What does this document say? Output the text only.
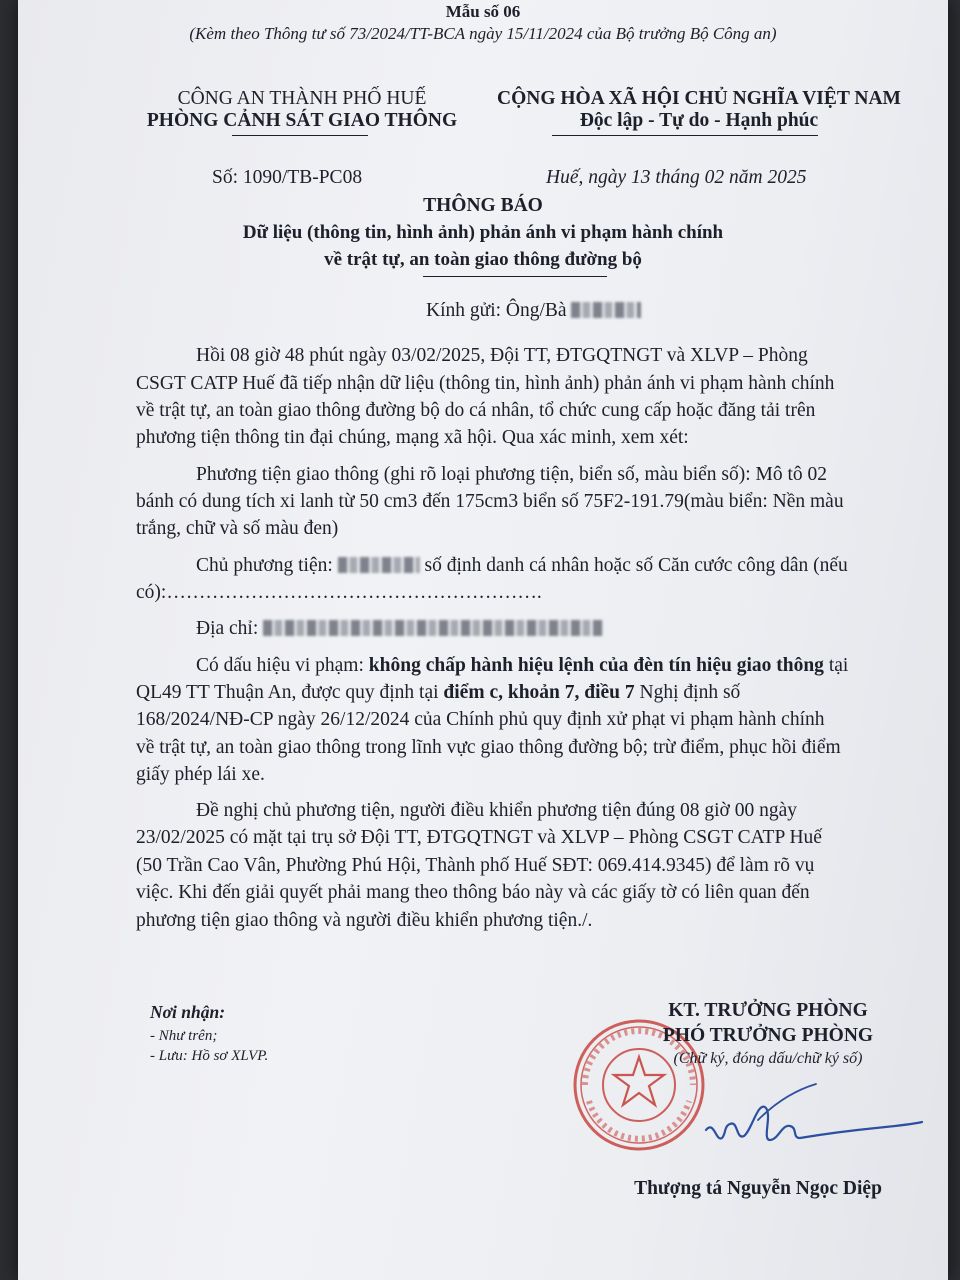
Mẫu số 06
(Kèm theo Thông tư số 73/2024/TT-BCA ngày 15/11/2024 của Bộ trưởng Bộ Công an)
CÔNG AN THÀNH PHỐ HUẾ
PHÒNG CẢNH SÁT GIAO THÔNG
CỘNG HÒA XÃ HỘI CHỦ NGHĨA VIỆT NAM
Độc lập - Tự do - Hạnh phúc
Số: 1090/TB-PC08	Huế, ngày 13 tháng 02 năm 2025
THÔNG BÁO
Dữ liệu (thông tin, hình ảnh) phản ánh vi phạm hành chính
về trật tự, an toàn giao thông đường bộ
Kính gửi: Ông/Bà
Hồi 08 giờ 48 phút ngày 03/02/2025, Đội TT, ĐTGQTNGT và XLVP – Phòng
CSGT CATP Huế đã tiếp nhận dữ liệu (thông tin, hình ảnh) phản ánh vi phạm hành chính
về trật tự, an toàn giao thông đường bộ do cá nhân, tổ chức cung cấp hoặc đăng tải trên
phương tiện thông tin đại chúng, mạng xã hội. Qua xác minh, xem xét:
Phương tiện giao thông (ghi rõ loại phương tiện, biển số, màu biển số): Mô tô 02
bánh có dung tích xi lanh từ 50 cm3 đến 175cm3 biển số 75F2-191.79(màu biển: Nền màu
trắng, chữ và số màu đen)
Chủ phương tiện:	số định danh cá nhân hoặc số Căn cước công dân (nếu
có):………………………………………………….
Địa chỉ:
Có dấu hiệu vi phạm: không chấp hành hiệu lệnh của đèn tín hiệu giao thông tại
QL49 TT Thuận An, được quy định tại điểm c, khoản 7, điều 7 Nghị định số
168/2024/NĐ-CP ngày 26/12/2024 của Chính phủ quy định xử phạt vi phạm hành chính
về trật tự, an toàn giao thông trong lĩnh vực giao thông đường bộ; trừ điểm, phục hồi điểm
giấy phép lái xe.
Đề nghị chủ phương tiện, người điều khiển phương tiện đúng 08 giờ 00 ngày
23/02/2025 có mặt tại trụ sở Đội TT, ĐTGQTNGT và XLVP – Phòng CSGT CATP Huế
(50 Trần Cao Vân, Phường Phú Hội, Thành phố Huế SĐT: 069.414.9345) để làm rõ vụ
việc. Khi đến giải quyết phải mang theo thông báo này và các giấy tờ có liên quan đến
phương tiện giao thông và người điều khiển phương tiện./.
Nơi nhận:
- Như trên;
- Lưu: Hồ sơ XLVP.
KT. TRƯỞNG PHÒNG
PHÓ TRƯỞNG PHÒNG
(Chữ ký, đóng dấu/chữ ký số)
Thượng tá Nguyễn Ngọc Diệp
